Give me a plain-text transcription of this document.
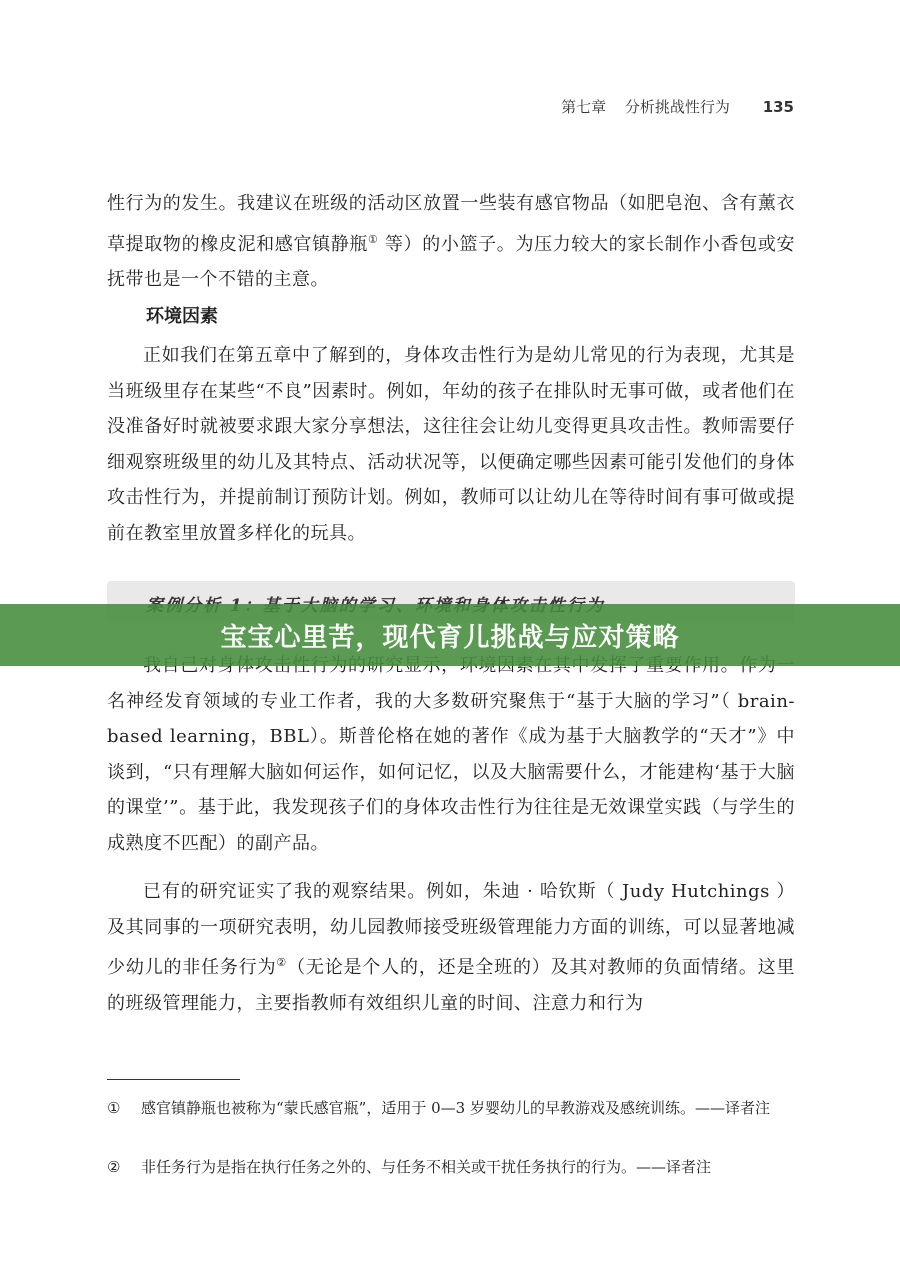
第七章 分析挑战性行为 135

性行为的发生。我建议在班级的活动区放置一些装有感官物品（如肥皂泡、含有薰衣草提取物的橡皮泥和感官镇静瓶① 等）的小篮子。为压力较大的家长制作小香包或安抚带也是一个不错的主意。

环境因素

正如我们在第五章中了解到的，身体攻击性行为是幼儿常见的行为表现，尤其是当班级里存在某些“不良”因素时。例如，年幼的孩子在排队时无事可做，或者他们在没准备好时就被要求跟大家分享想法，这往往会让幼儿变得更具攻击性。教师需要仔细观察班级里的幼儿及其特点、活动状况等，以便确定哪些因素可能引发他们的身体攻击性行为，并提前制订预防计划。例如，教师可以让幼儿在等待时间有事可做或提前在教室里放置多样化的玩具。

名神经发育领域的专业工作者，我的大多数研究聚焦于“基于大脑的学习”（ brain-based learning，BBL）。斯普伦格在她的著作《成为基于大脑教学的“天才”》中谈到，“只有理解大脑如何运作，如何记忆，以及大脑需要什么，才能建构‘基于大脑的课堂’”。基于此，我发现孩子们的身体攻击性行为往往是无效课堂实践（与学生的成熟度不匹配）的副产品。

已有的研究证实了我的观察结果。例如，朱迪 · 哈钦斯（ Judy Hutchings ）及其同事的一项研究表明，幼儿园教师接受班级管理能力方面的训练，可以显著地减少幼儿的非任务行为②（无论是个人的，还是全班的）及其对教师的负面情绪。这里的班级管理能力，主要指教师有效组织儿童的时间、注意力和行为

宝宝心里苦，现代育儿挑战与应对策略
① 感官镇静瓶也被称为“蒙氏感官瓶”，适用于 0—3 岁婴幼儿的早教游戏及感统训练。——译者注
② 非任务行为是指在执行任务之外的、与任务不相关或干扰任务执行的行为。——译者注
